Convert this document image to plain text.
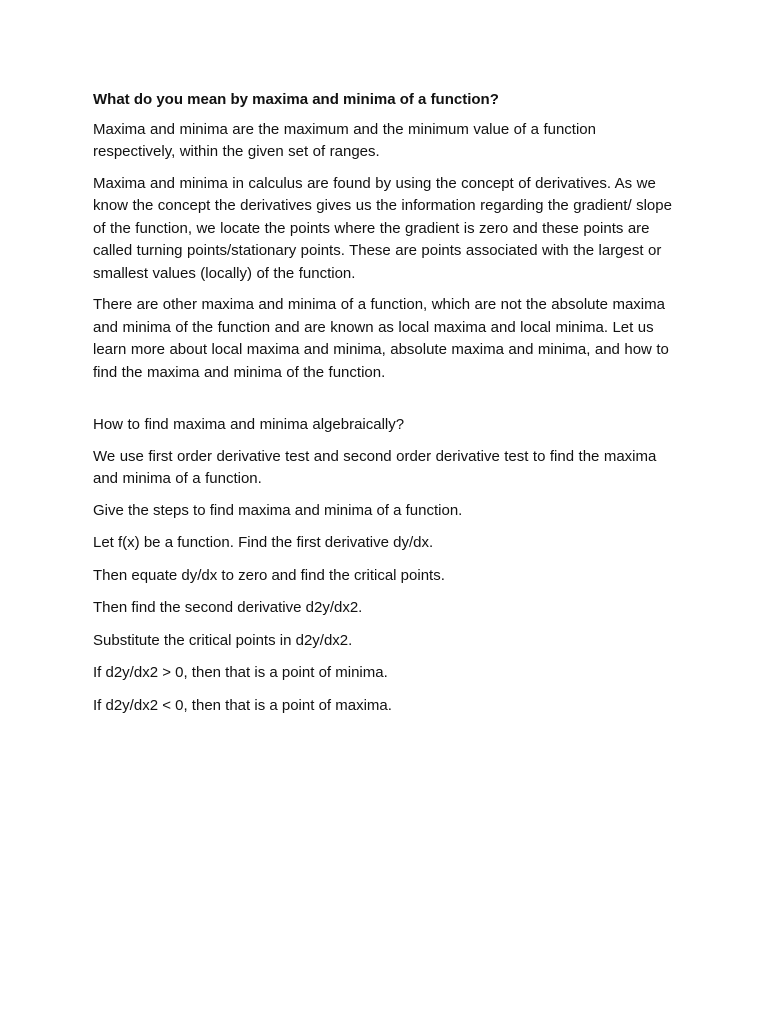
What do you mean by maxima and minima of a function?
Maxima and minima are the maximum and the minimum value of a function respectively, within the given set of ranges.
Maxima and minima in calculus are found by using the concept of derivatives. As we know the concept the derivatives gives us the information regarding the gradient/ slope of the function, we locate the points where the gradient is zero and these points are called turning points/stationary points. These are points associated with the largest or smallest values (locally) of the function.
There are other maxima and minima of a function, which are not the absolute maxima and minima of the function and are known as local maxima and local minima. Let us learn more about local maxima and minima, absolute maxima and minima, and how to find the maxima and minima of the function.
How to find maxima and minima algebraically?
We use first order derivative test and second order derivative test to find the maxima and minima of a function.
Give the steps to find maxima and minima of a function.
Let f(x) be a function. Find the first derivative dy/dx.
Then equate dy/dx to zero and find the critical points.
Then find the second derivative d2y/dx2.
Substitute the critical points in d2y/dx2.
If d2y/dx2 > 0, then that is a point of minima.
If d2y/dx2 < 0, then that is a point of maxima.
